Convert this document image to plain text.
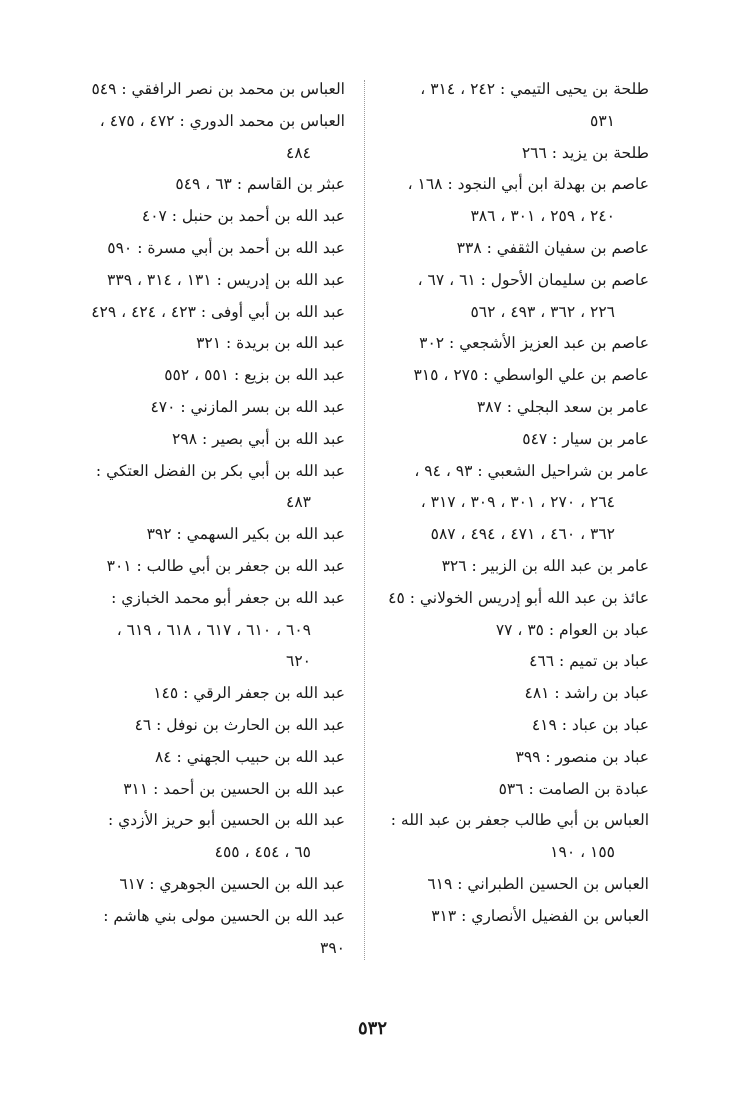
طلحة بن يحيى التيمي : ٢٤٢ ، ٣١٤ ،
٥٣١
طلحة بن يزيد : ٢٦٦
عاصم بن بهدلة ابن أبي النجود : ١٦٨ ،
٢٤٠ ، ٢٥٩ ، ٣٠١ ، ٣٨٦
عاصم بن سفيان الثقفي : ٣٣٨
عاصم بن سليمان الأحول : ٦١ ، ٦٧ ،
٢٢٦ ، ٣٦٢ ، ٤٩٣ ، ٥٦٢
عاصم بن عبد العزيز الأشجعي : ٣٠٢
عاصم بن علي الواسطي : ٢٧٥ ، ٣١٥
عامر بن سعد البجلي : ٣٨٧
عامر بن سيار : ٥٤٧
عامر بن شراحيل الشعبي : ٩٣ ، ٩٤ ،
٢٦٤ ، ٢٧٠ ، ٣٠١ ، ٣٠٩ ، ٣١٧ ،
٣٦٢ ، ٤٦٠ ، ٤٧١ ، ٤٩٤ ، ٥٨٧
عامر بن عبد الله بن الزبير : ٣٢٦
عائذ بن عبد الله أبو إدريس الخولاني : ٤٥
عباد بن العوام : ٣٥ ، ٧٧
عباد بن تميم : ٤٦٦
عباد بن راشد : ٤٨١
عباد بن عباد : ٤١٩
عباد بن منصور : ٣٩٩
عبادة بن الصامت : ٥٣٦
العباس بن أبي طالب جعفر بن عبد الله :
١٥٥ ، ١٩٠
العباس بن الحسين الطبراني : ٦١٩
العباس بن الفضيل الأنصاري : ٣١٣
العباس بن محمد بن نصر الرافقي : ٥٤٩
العباس بن محمد الدوري : ٤٧٢ ، ٤٧٥ ،
٤٨٤
عبثر بن القاسم : ٦٣ ، ٥٤٩
عبد الله بن أحمد بن حنبل : ٤٠٧
عبد الله بن أحمد بن أبي مسرة : ٥٩٠
عبد الله بن إدريس : ١٣١ ، ٣١٤ ، ٣٣٩
عبد الله بن أبي أوفى : ٤٢٣ ، ٤٢٤ ، ٤٢٩
عبد الله بن بريدة : ٣٢١
عبد الله بن بزيع : ٥٥١ ، ٥٥٢
عبد الله بن بسر المازني : ٤٧٠
عبد الله بن أبي بصير : ٢٩٨
عبد الله بن أبي بكر بن الفضل العتكي :
٤٨٣
عبد الله بن بكير السهمي : ٣٩٢
عبد الله بن جعفر بن أبي طالب : ٣٠١
عبد الله بن جعفر أبو محمد الخبازي :
٦٠٩ ، ٦١٠ ، ٦١٧ ، ٦١٨ ، ٦١٩ ،
٦٢٠
عبد الله بن جعفر الرقي : ١٤٥
عبد الله بن الحارث بن نوفل : ٤٦
عبد الله بن حبيب الجهني : ٨٤
عبد الله بن الحسين بن أحمد : ٣١١
عبد الله بن الحسين أبو حريز الأزدي :
٦٥ ، ٤٥٤ ، ٤٥٥
عبد الله بن الحسين الجوهري : ٦١٧
عبد الله بن الحسين مولى بني هاشم : ٣٩٠
٥٣٢
